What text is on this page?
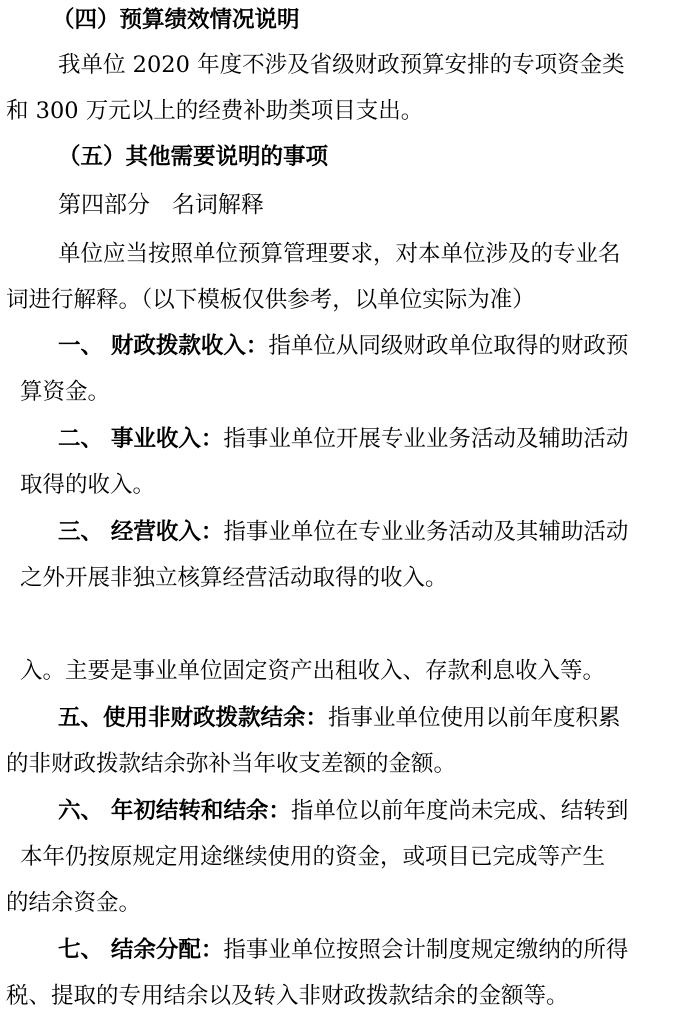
（四）预算绩效情况说明
我单位 2020 年度不涉及省级财政预算安排的专项资金类
和 300 万元以上的经费补助类项目支出。
（五）其他需要说明的事项
第四部分   名词解释
单位应当按照单位预算管理要求，对本单位涉及的专业名
词进行解释。（以下模板仅供参考，以单位实际为准）
一、 财政拨款收入：指单位从同级财政单位取得的财政预
算资金。
二、 事业收入：指事业单位开展专业业务活动及辅助活动
取得的收入。
三、 经营收入：指事业单位在专业业务活动及其辅助活动
之外开展非独立核算经营活动取得的收入。

入。主要是事业单位固定资产出租收入、存款利息收入等。
五、使用非财政拨款结余：指事业单位使用以前年度积累
的非财政拨款结余弥补当年收支差额的金额。
六、 年初结转和结余：指单位以前年度尚未完成、结转到
本年仍按原规定用途继续使用的资金，或项目已完成等产生
的结余资金。
七、 结余分配：指事业单位按照会计制度规定缴纳的所得
税、提取的专用结余以及转入非财政拨款结余的金额等。
